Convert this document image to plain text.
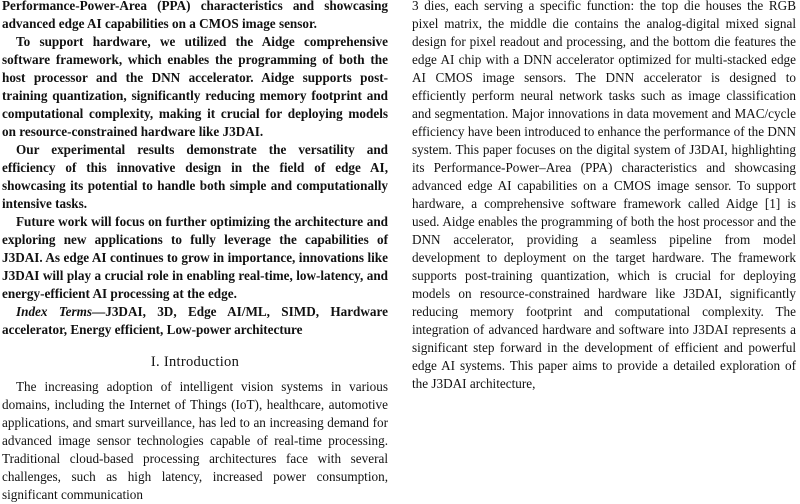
Performance-Power-Area (PPA) characteristics and showcasing advanced edge AI capabilities on a CMOS image sensor.

To support hardware, we utilized the Aidge comprehensive software framework, which enables the programming of both the host processor and the DNN accelerator. Aidge supports post-training quantization, significantly reducing memory footprint and computational complexity, making it crucial for deploying models on resource-constrained hardware like J3DAI.

Our experimental results demonstrate the versatility and efficiency of this innovative design in the field of edge AI, showcasing its potential to handle both simple and computationally intensive tasks.

Future work will focus on further optimizing the architecture and exploring new applications to fully leverage the capabilities of J3DAI. As edge AI continues to grow in importance, innovations like J3DAI will play a crucial role in enabling real-time, low-latency, and energy-efficient AI processing at the edge.

Index Terms—J3DAI, 3D, Edge AI/ML, SIMD, Hardware accelerator, Energy efficient, Low-power architecture

I. Introduction

The increasing adoption of intelligent vision systems in various domains, including the Internet of Things (IoT), healthcare, automotive applications, and smart surveillance, has led to an increasing demand for advanced image sensor technologies capable of real-time processing. Traditional cloud-based processing architectures face with several challenges, such as high latency, increased power consumption, significant communication

3 dies, each serving a specific function: the top die houses the RGB pixel matrix, the middle die contains the analog-digital mixed signal design for pixel readout and processing, and the bottom die features the edge AI chip with a DNN accelerator optimized for multi-stacked edge AI CMOS image sensors. The DNN accelerator is designed to efficiently perform neural network tasks such as image classification and segmentation. Major innovations in data movement and MAC/cycle efficiency have been introduced to enhance the performance of the DNN system. This paper focuses on the digital system of J3DAI, highlighting its Performance-Power–Area (PPA) characteristics and showcasing advanced edge AI capabilities on a CMOS image sensor. To support hardware, a comprehensive software framework called Aidge [1] is used. Aidge enables the programming of both the host processor and the DNN accelerator, providing a seamless pipeline from model development to deployment on the target hardware. The framework supports post-training quantization, which is crucial for deploying models on resource-constrained hardware like J3DAI, significantly reducing memory footprint and computational complexity. The integration of advanced hardware and software into J3DAI represents a significant step forward in the development of efficient and powerful edge AI systems. This paper aims to provide a detailed exploration of the J3DAI architecture,
